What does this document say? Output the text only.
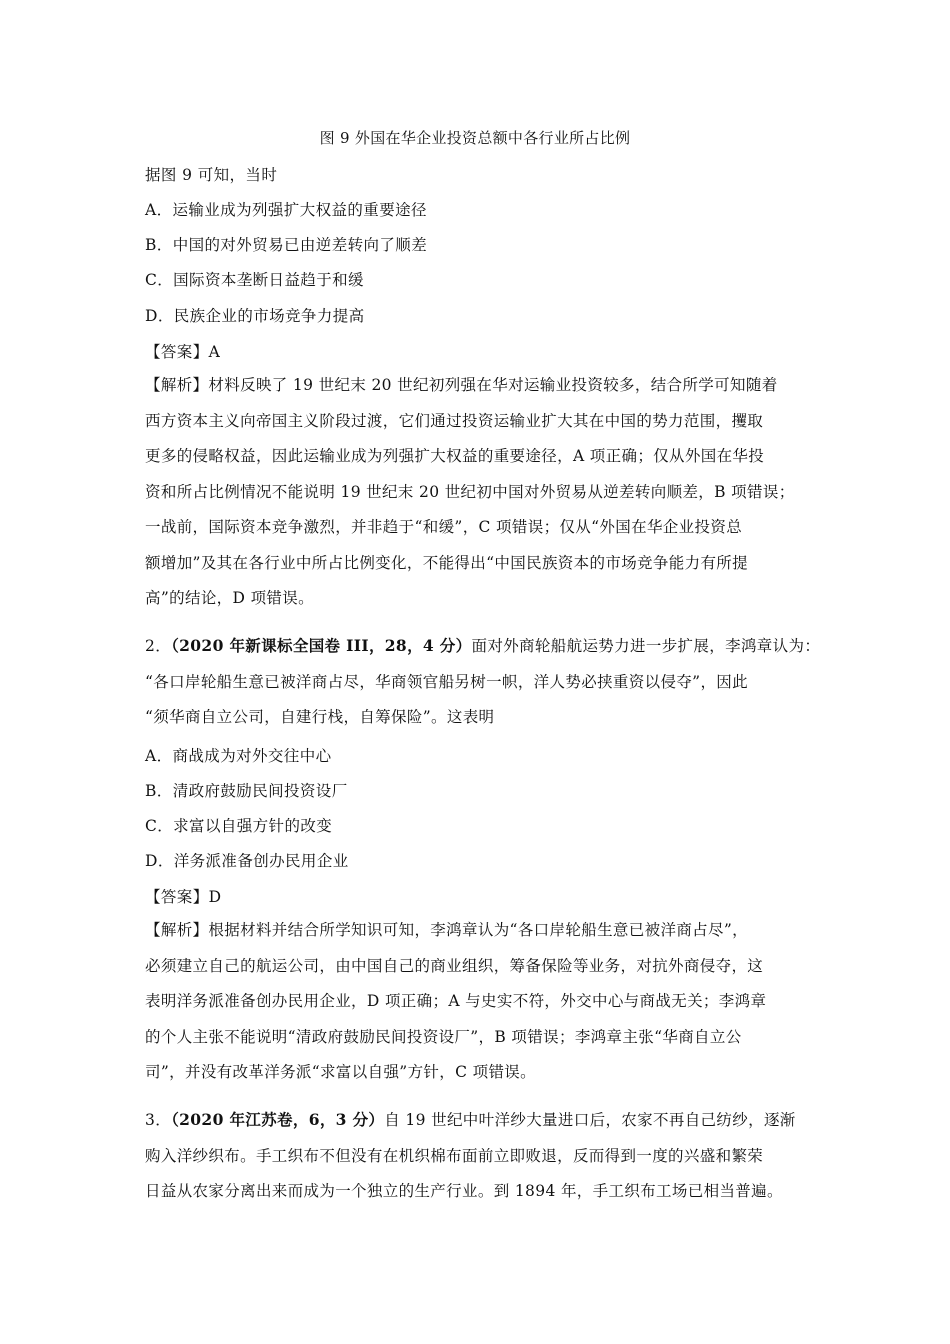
图 9 外国在华企业投资总额中各行业所占比例
据图 9 可知，当时
A．运输业成为列强扩大权益的重要途径
B．中国的对外贸易已由逆差转向了顺差
C．国际资本垄断日益趋于和缓
D．民族企业的市场竞争力提高
【答案】A
【解析】材料反映了 19 世纪末 20 世纪初列强在华对运输业投资较多，结合所学可知随着
西方资本主义向帝国主义阶段过渡，它们通过投资运输业扩大其在中国的势力范围，攫取
更多的侵略权益，因此运输业成为列强扩大权益的重要途径，A 项正确；仅从外国在华投
资和所占比例情况不能说明 19 世纪末 20 世纪初中国对外贸易从逆差转向顺差，B 项错误；
一战前，国际资本竞争激烈，并非趋于“和缓”，C 项错误；仅从“外国在华企业投资总
额增加”及其在各行业中所占比例变化，不能得出“中国民族资本的市场竞争能力有所提
高”的结论，D 项错误。
2．（2020 年新课标全国卷 III，28，4 分）面对外商轮船航运势力进一步扩展，李鸿章认为：
“各口岸轮船生意已被洋商占尽，华商领官船另树一帜，洋人势必挟重资以侵夺”，因此
“须华商自立公司，自建行栈，自筹保险”。这表明
A．商战成为对外交往中心
B．清政府鼓励民间投资设厂
C．求富以自强方针的改变
D．洋务派准备创办民用企业
【答案】D
【解析】根据材料并结合所学知识可知，李鸿章认为“各口岸轮船生意已被洋商占尽”，
必须建立自己的航运公司，由中国自己的商业组织，筹备保险等业务，对抗外商侵夺，这
表明洋务派准备创办民用企业，D 项正确；A 与史实不符，外交中心与商战无关；李鸿章
的个人主张不能说明“清政府鼓励民间投资设厂”，B 项错误；李鸿章主张“华商自立公
司”，并没有改革洋务派“求富以自强”方针，C 项错误。
3．（2020 年江苏卷，6，3 分）自 19 世纪中叶洋纱大量进口后，农家不再自己纺纱，逐渐
购入洋纱织布。手工织布不但没有在机织棉布面前立即败退，反而得到一度的兴盛和繁荣
日益从农家分离出来而成为一个独立的生产行业。到 1894 年，手工织布工场已相当普遍。
